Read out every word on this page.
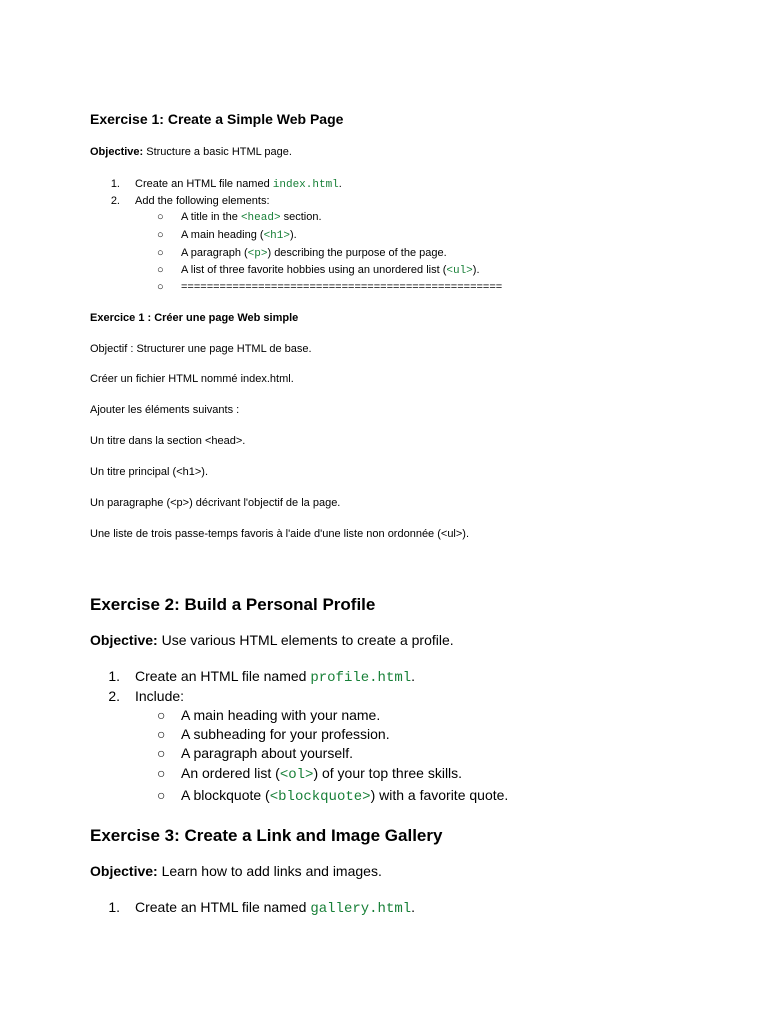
Exercise 1: Create a Simple Web Page

Objective: Structure a basic HTML page.

1. Create an HTML file named index.html.
2. Add the following elements:
○ A title in the <head> section.
○ A main heading (<h1>).
○ A paragraph (<p>) describing the purpose of the page.
○ A list of three favorite hobbies using an unordered list (<ul>).
○ ==================================================
Exercice 1 : Créer une page Web simple

Objectif : Structurer une page HTML de base.

Créer un fichier HTML nommé index.html.

Ajouter les éléments suivants :

Un titre dans la section <head>.

Un titre principal (<h1>).

Un paragraphe (<p>) décrivant l'objectif de la page.

Une liste de trois passe-temps favoris à l'aide d'une liste non ordonnée (<ul>).

Exercise 2: Build a Personal Profile

Objective: Use various HTML elements to create a profile.

1. Create an HTML file named profile.html.
2. Include:
○ A main heading with your name.
○ A subheading for your profession.
○ A paragraph about yourself.
○ An ordered list (<ol>) of your top three skills.
○ A blockquote (<blockquote>) with a favorite quote.
Exercise 3: Create a Link and Image Gallery

Objective: Learn how to add links and images.

1. Create an HTML file named gallery.html.
